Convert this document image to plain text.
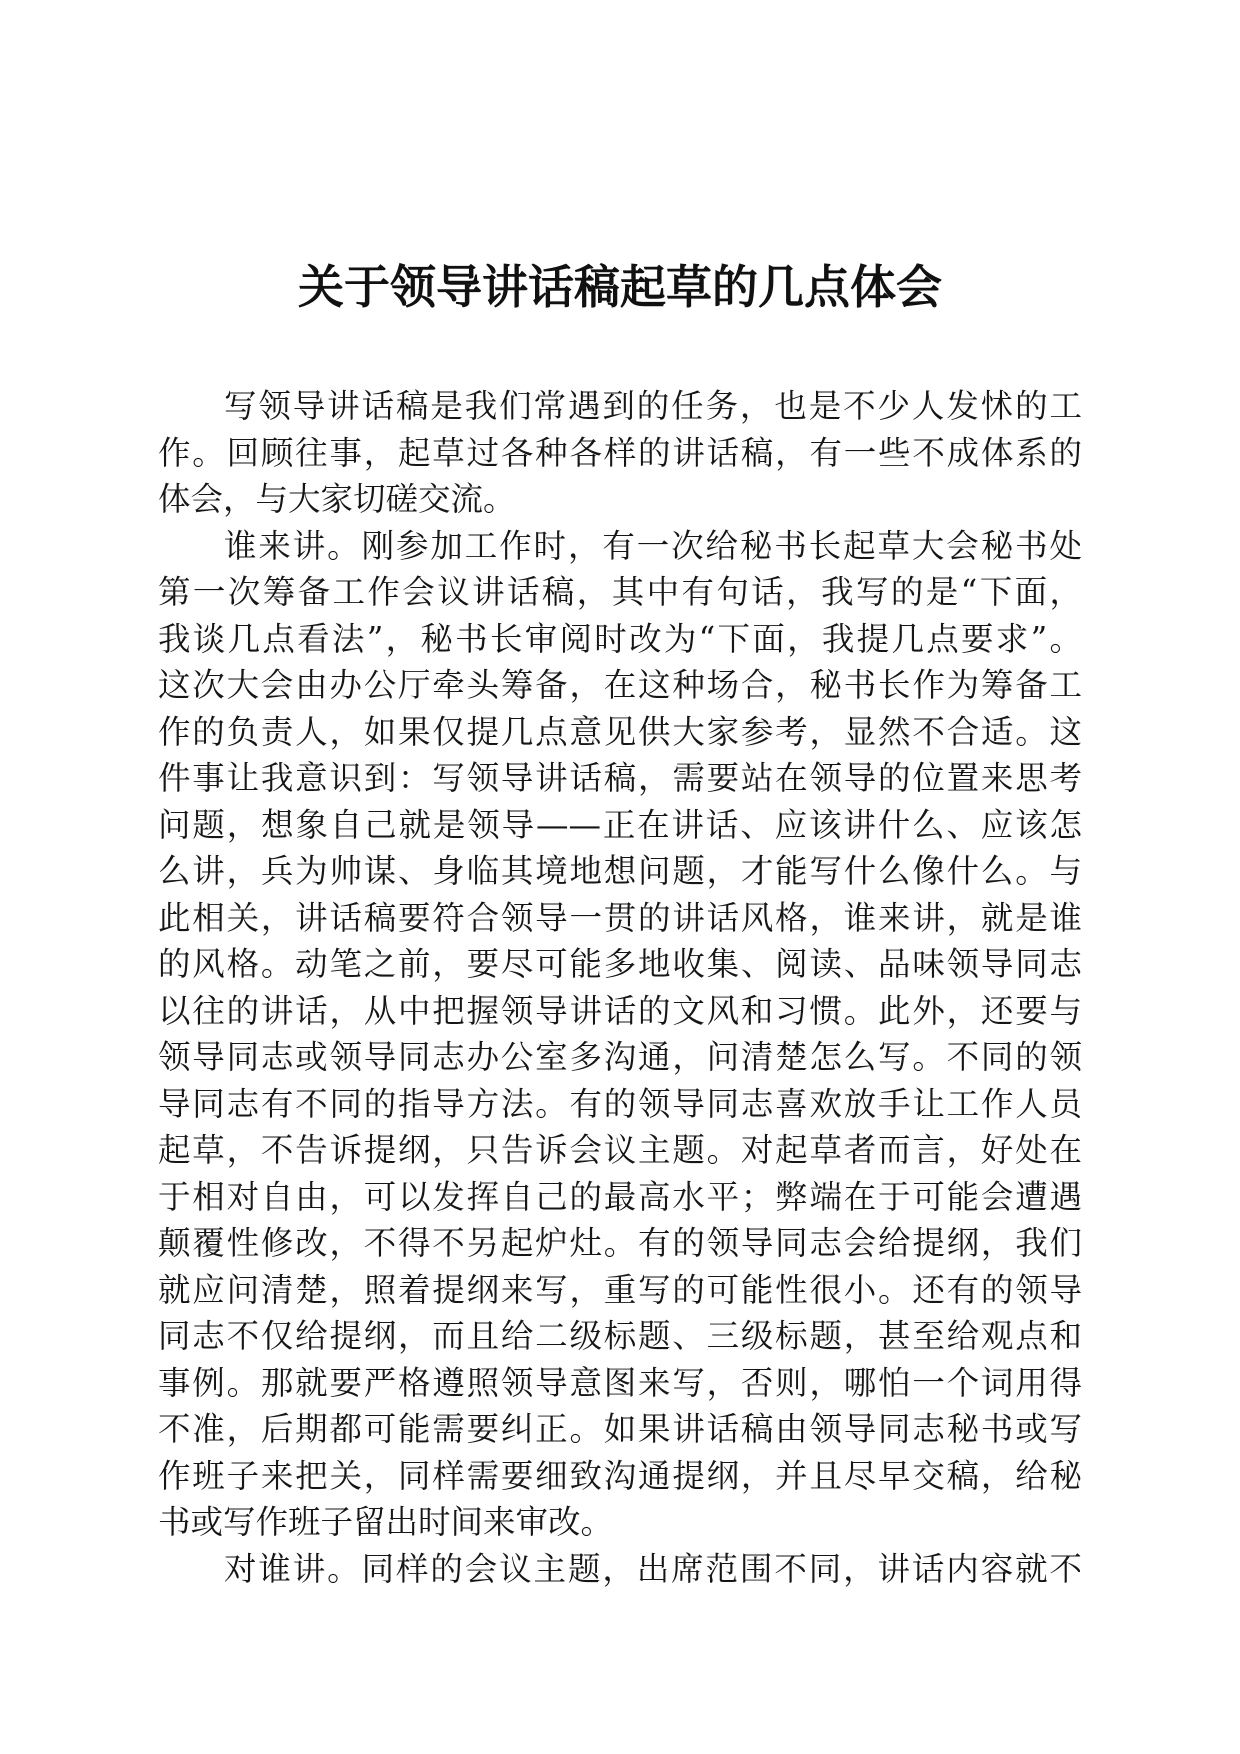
关于领导讲话稿起草的几点体会
写领导讲话稿是我们常遇到的任务，也是不少人发怵的工
作。回顾往事，起草过各种各样的讲话稿，有一些不成体系的
体会，与大家切磋交流。
谁来讲。刚参加工作时，有一次给秘书长起草大会秘书处
第一次筹备工作会议讲话稿，其中有句话，我写的是“下面，
我谈几点看法”，秘书长审阅时改为“下面，我提几点要求”。
这次大会由办公厅牵头筹备，在这种场合，秘书长作为筹备工
作的负责人，如果仅提几点意见供大家参考，显然不合适。这
件事让我意识到：写领导讲话稿，需要站在领导的位置来思考
问题，想象自己就是领导——正在讲话、应该讲什么、应该怎
么讲，兵为帅谋、身临其境地想问题，才能写什么像什么。与
此相关，讲话稿要符合领导一贯的讲话风格，谁来讲，就是谁
的风格。动笔之前，要尽可能多地收集、阅读、品味领导同志
以往的讲话，从中把握领导讲话的文风和习惯。此外，还要与
领导同志或领导同志办公室多沟通，问清楚怎么写。不同的领
导同志有不同的指导方法。有的领导同志喜欢放手让工作人员
起草，不告诉提纲，只告诉会议主题。对起草者而言，好处在
于相对自由，可以发挥自己的最高水平；弊端在于可能会遭遇
颠覆性修改，不得不另起炉灶。有的领导同志会给提纲，我们
就应问清楚，照着提纲来写，重写的可能性很小。还有的领导
同志不仅给提纲，而且给二级标题、三级标题，甚至给观点和
事例。那就要严格遵照领导意图来写，否则，哪怕一个词用得
不准，后期都可能需要纠正。如果讲话稿由领导同志秘书或写
作班子来把关，同样需要细致沟通提纲，并且尽早交稿，给秘
书或写作班子留出时间来审改。
对谁讲。同样的会议主题，出席范围不同，讲话内容就不
